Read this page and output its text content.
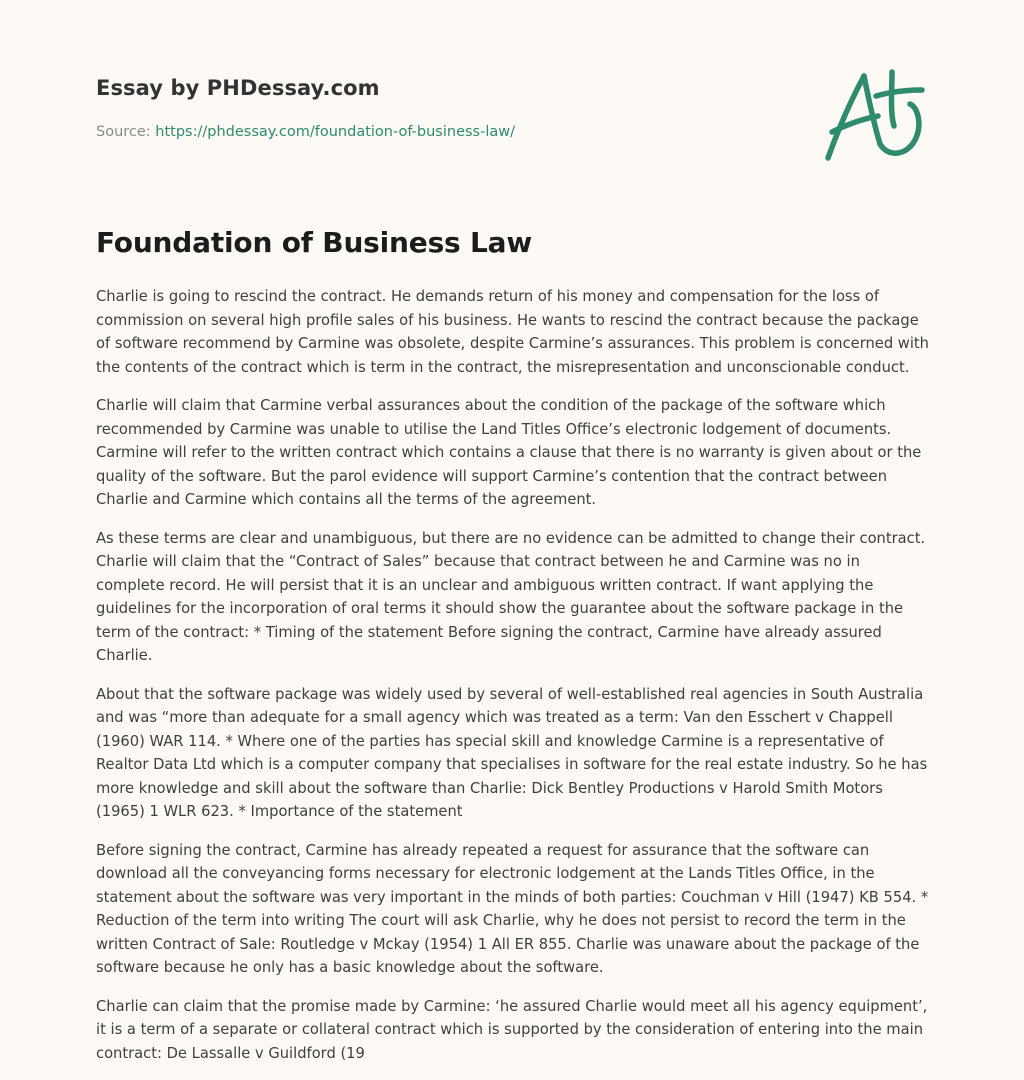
Essay by PHDessay.com

Source: https://phdessay.com/foundation-of-business-law/

Foundation of Business Law

Charlie is going to rescind the contract. He demands return of his money and compensation for the loss of commission on several high profile sales of his business. He wants to rescind the contract because the package of software recommend by Carmine was obsolete, despite Carmine’s assurances. This problem is concerned with the contents of the contract which is term in the contract, the misrepresentation and unconscionable conduct.

Charlie will claim that Carmine verbal assurances about the condition of the package of the software which recommended by Carmine was unable to utilise the Land Titles Office’s electronic lodgement of documents. Carmine will refer to the written contract which contains a clause that there is no warranty is given about or the quality of the software. But the parol evidence will support Carmine’s contention that the contract between Charlie and Carmine which contains all the terms of the agreement.

As these terms are clear and unambiguous, but there are no evidence can be admitted to change their contract. Charlie will claim that the “Contract of Sales” because that contract between he and Carmine was no in complete record. He will persist that it is an unclear and ambiguous written contract. If want applying the guidelines for the incorporation of oral terms it should show the guarantee about the software package in the term of the contract: * Timing of the statement Before signing the contract, Carmine have already assured Charlie.

About that the software package was widely used by several of well-established real agencies in South Australia and was “more than adequate for a small agency which was treated as a term: Van den Esschert v Chappell (1960) WAR 114. * Where one of the parties has special skill and knowledge Carmine is a representative of Realtor Data Ltd which is a computer company that specialises in software for the real estate industry. So he has more knowledge and skill about the software than Charlie: Dick Bentley Productions v Harold Smith Motors (1965) 1 WLR 623. * Importance of the statement

Before signing the contract, Carmine has already repeated a request for assurance that the software can download all the conveyancing forms necessary for electronic lodgement at the Lands Titles Office, in the statement about the software was very important in the minds of both parties: Couchman v Hill (1947) KB 554. * Reduction of the term into writing The court will ask Charlie, why he does not persist to record the term in the written Contract of Sale: Routledge v Mckay (1954) 1 All ER 855. Charlie was unaware about the package of the software because he only has a basic knowledge about the software.

Charlie can claim that the promise made by Carmine: ‘he assured Charlie would meet all his agency equipment’, it is a term of a separate or collateral contract which is supported by the consideration of entering into the main contract: De Lassalle v Guildford (19
